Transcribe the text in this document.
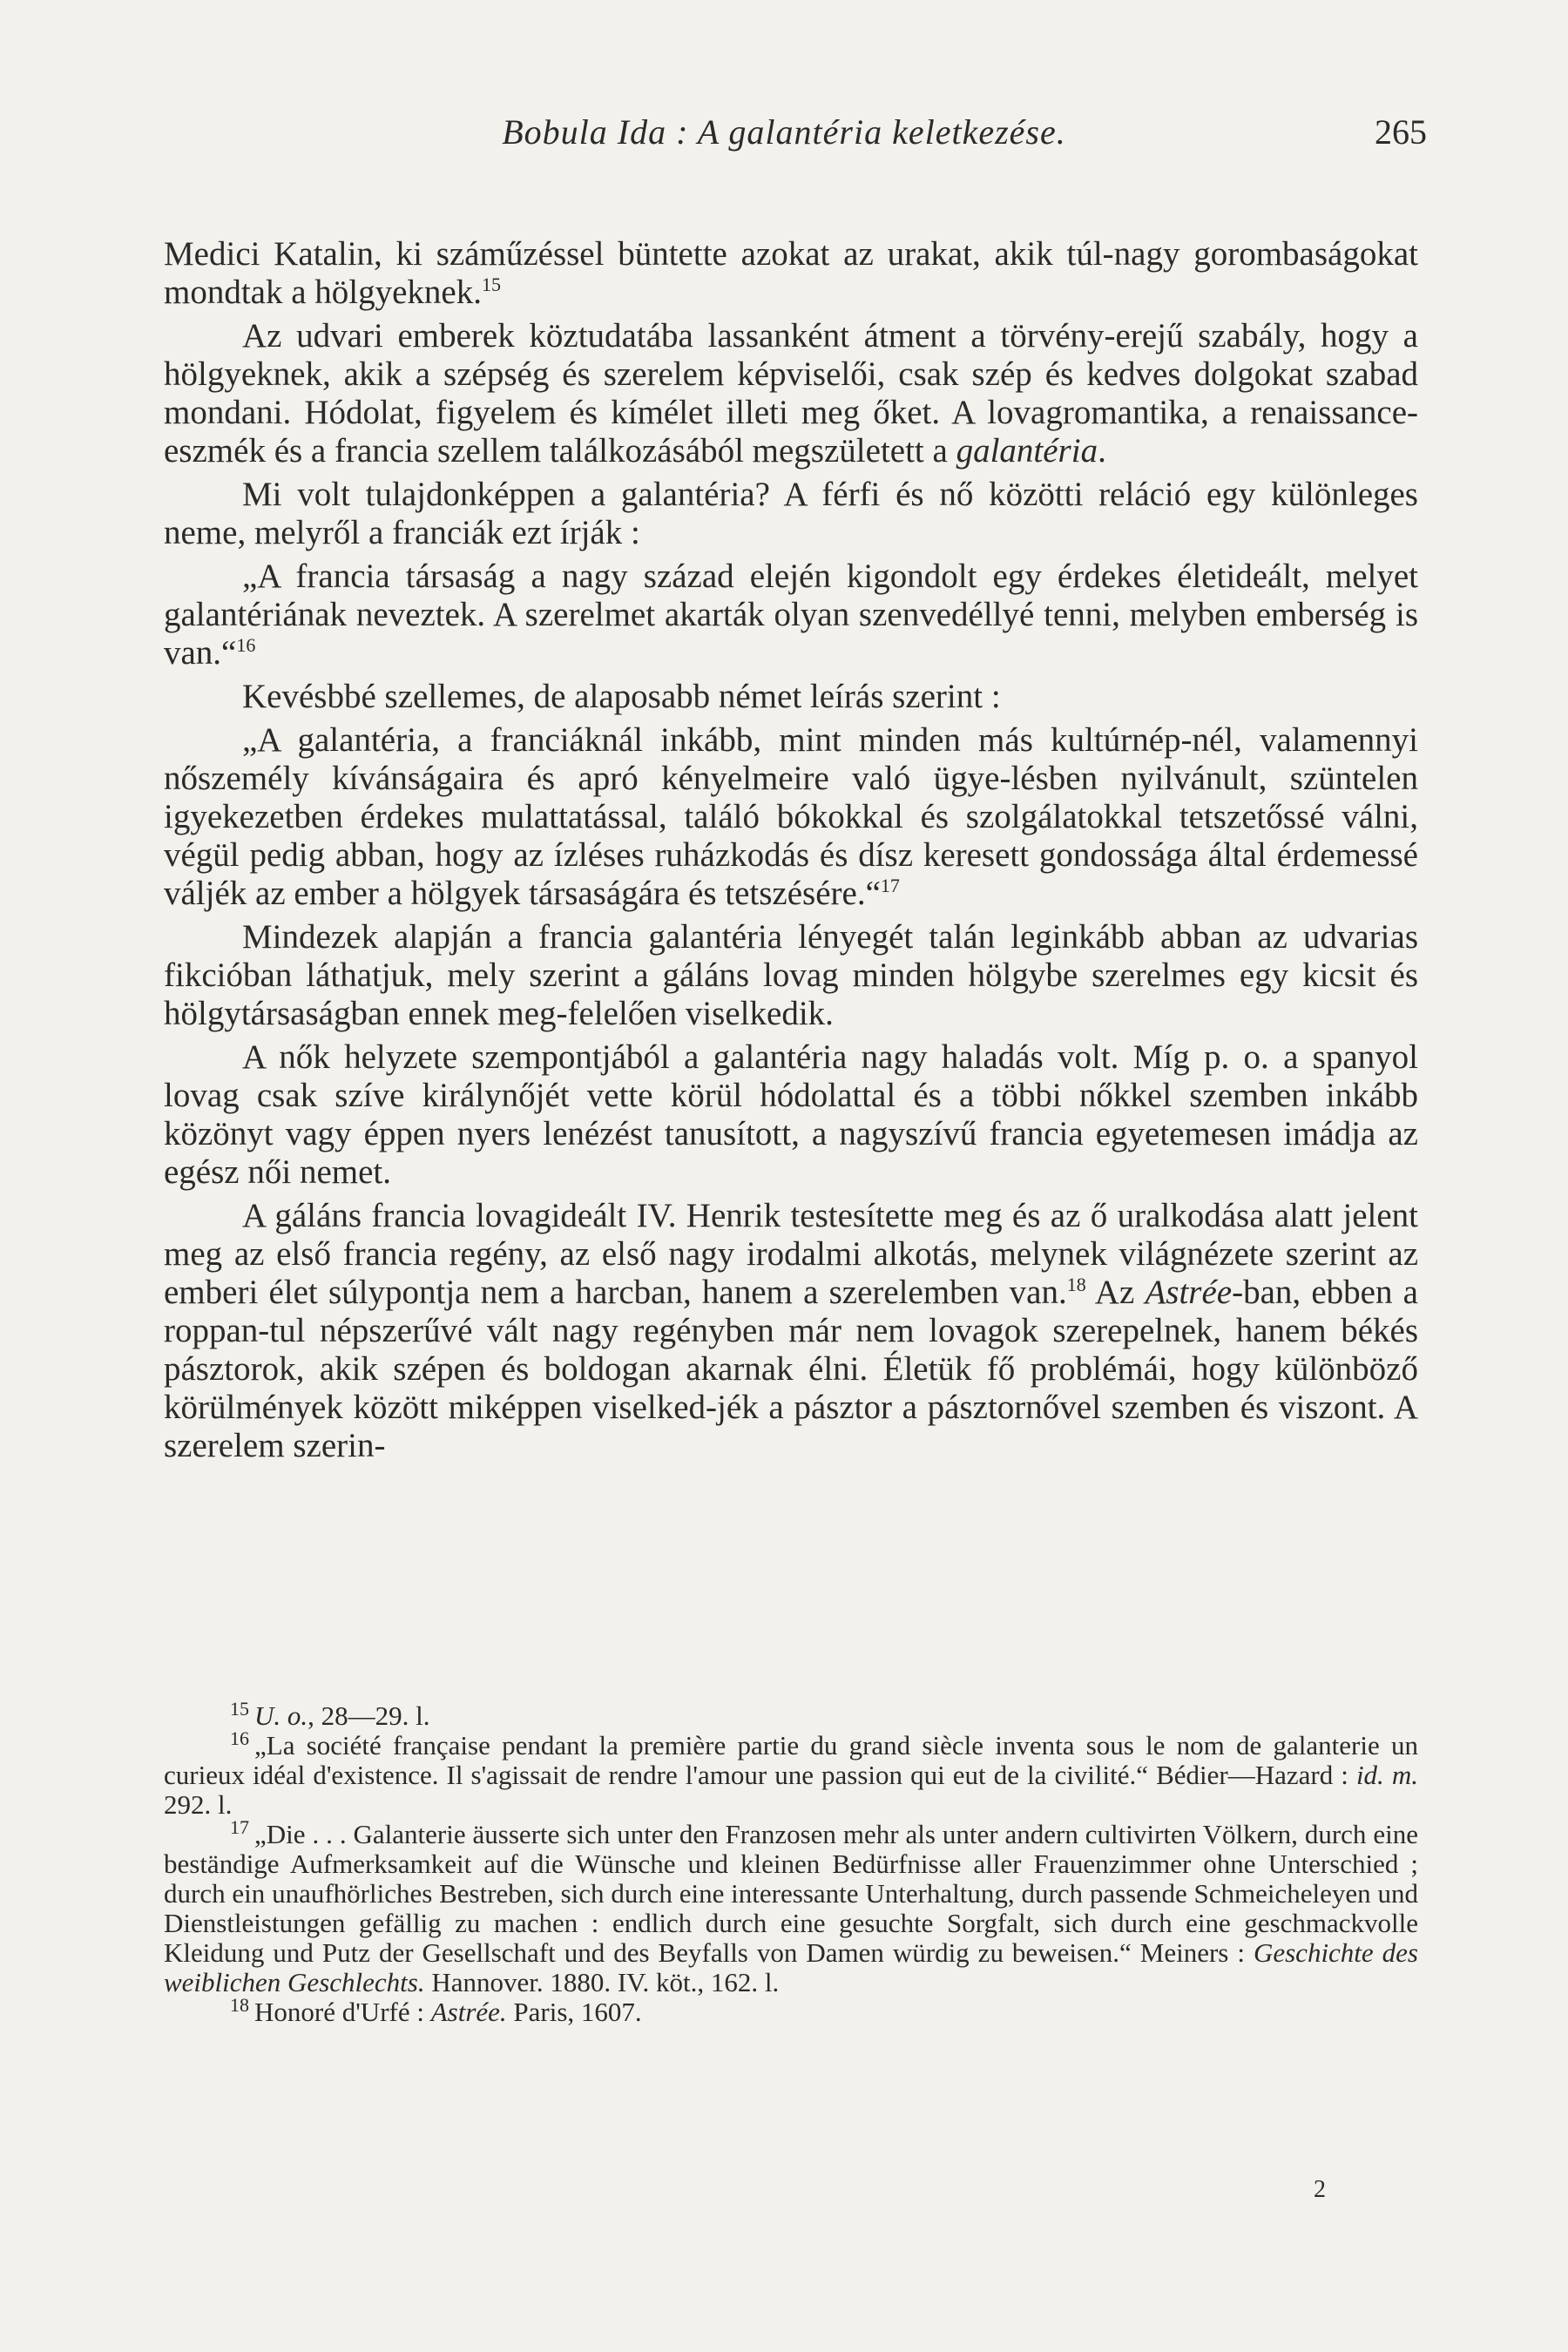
Bobula Ida : A galantéria keletkezése.	265

Medici Katalin, ki száműzéssel büntette azokat az urakat, akik túl-nagy gorombaságokat mondtak a hölgyeknek.$^{15}$

Az udvari emberek köztudatába lassanként átment a törvény-erejű szabály, hogy a hölgyeknek, akik a szépség és szerelem képviselői, csak szép és kedves dolgokat szabad mondani. Hódolat, figyelem és kímélet illeti meg őket. A lovagromantika, a renaissance-eszmék és a francia szellem találkozásából megszületett a galantéria.

Mi volt tulajdonképpen a galantéria? A férfi és nő közötti reláció egy különleges neme, melyről a franciák ezt írják :

„A francia társaság a nagy század elején kigondolt egy érdekes életideált, melyet galantériának neveztek. A szerelmet akarták olyan szenvedéllyé tenni, melyben emberség is van.“$^{16}$

Kevésbbé szellemes, de alaposabb német leírás szerint :

„A galantéria, a franciáknál inkább, mint minden más kultúrnép-nél, valamennyi nőszemély kívánságaira és apró kényelmeire való ügye-lésben nyilvánult, szüntelen igyekezetben érdekes mulattatással, találó bókokkal és szolgálatokkal tetszetőssé válni, végül pedig abban, hogy az ízléses ruházkodás és dísz keresett gondossága által érdemessé váljék az ember a hölgyek társaságára és tetszésére.“$^{17}$

Mindezek alapján a francia galantéria lényegét talán leginkább abban az udvarias fikcióban láthatjuk, mely szerint a gáláns lovag minden hölgybe szerelmes egy kicsit és hölgytársaságban ennek meg-felelően viselkedik.

A nők helyzete szempontjából a galantéria nagy haladás volt. Míg p. o. a spanyol lovag csak szíve királynőjét vette körül hódolattal és a többi nőkkel szemben inkább közönyt vagy éppen nyers lenézést tanusított, a nagyszívű francia egyetemesen imádja az egész női nemet.

A gáláns francia lovagideált IV. Henrik testesítette meg és az ő uralkodása alatt jelent meg az első francia regény, az első nagy irodalmi alkotás, melynek világnézete szerint az emberi élet súlypontja nem a harcban, hanem a szerelemben van.$^{18}$ Az Astrée-ban, ebben a roppan-tul népszerűvé vált nagy regényben már nem lovagok szerepelnek, hanem békés pásztorok, akik szépen és boldogan akarnak élni. Életük fő problémái, hogy különböző körülmények között miképpen viselked-jék a pásztor a pásztornővel szemben és viszont. A szerelem szerin-

$^{15}$ U. o., 28—29. l.

$^{16}$ „La société française pendant la première partie du grand siècle inventa sous le nom de galanterie un curieux idéal d'existence. Il s'agissait de rendre l'amour une passion qui eut de la civilité.“ Bédier—Hazard : id. m. 292. l.

$^{17}$ „Die . . . Galanterie äusserte sich unter den Franzosen mehr als unter andern cultivirten Völkern, durch eine beständige Aufmerksamkeit auf die Wünsche und kleinen Bedürfnisse aller Frauenzimmer ohne Unterschied ; durch ein unaufhörliches Bestreben, sich durch eine interessante Unterhaltung, durch passende Schmeicheleyen und Dienstleistungen gefällig zu machen : endlich durch eine gesuchte Sorgfalt, sich durch eine geschmackvolle Kleidung und Putz der Gesellschaft und des Beyfalls von Damen würdig zu beweisen.“ Meiners : Geschichte des weiblichen Geschlechts. Hannover. 1880. IV. köt., 162. l.

$^{18}$ Honoré d'Urfé : Astrée. Paris, 1607.

2
